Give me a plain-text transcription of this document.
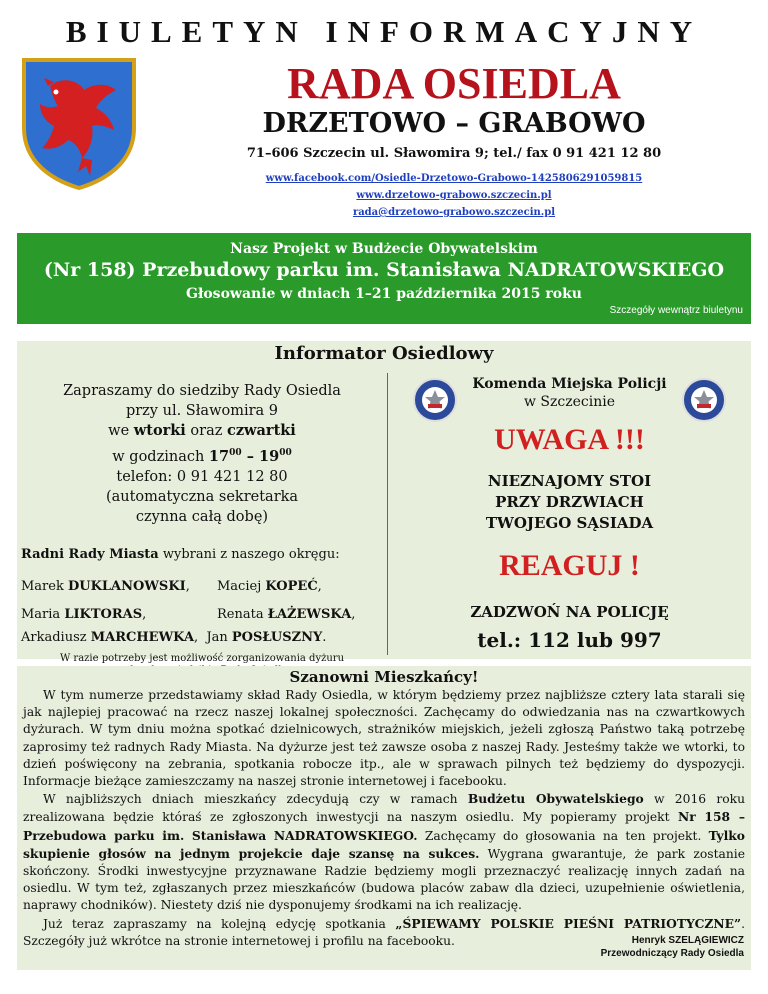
BIULETYN INFORMACYJNY
RADA OSIEDLA
DRZETOWO – GRABOWO
71–606 Szczecin ul. Sławomira 9; tel./ fax 0 91 421 12 80
www.facebook.com/Osiedle-Drzetowo-Grabowo-1425806291059815
www.drzetowo-grabowo.szczecin.pl
rada@drzetowo-grabowo.szczecin.pl
Nasz Projekt w Budżecie Obywatelskim
(Nr 158) Przebudowy parku im. Stanisława NADRATOWSKIEGO
Głosowanie w dniach 1–21 października 2015 roku
Szczegóły wewnątrz biuletynu
Informator Osiedlowy
Zapraszamy do siedziby Rady Osiedla
przy ul. Sławomira 9
we wtorki oraz czwartki
w godzinach $17^{00} - 19^{00}$
telefon: 0 91 421 12 80
(automatyczna sekretarka
czynna całą dobę)
Radni Rady Miasta wybrani z naszego okręgu:
Marek DUKLANOWSKI, Maciej KOPEĆ,
Maria LIKTORAS,	Renata ŁAŻEWSKA,
Arkadiusz MARCHEWKA, Jan POSŁUSZNY.
W razie potrzeby jest możliwość zorganizowania dyżuru
Komenda Miejska Policji
w Szczecinie
UWAGA !!!
NIEZNAJOMY STOI
PRZY DRZWIACH
TWOJEGO SĄSIADA
REAGUJ !
ZADZWOŃ NA POLICJĘ
tel.: 112 lub 997
Szanowni Mieszkańcy!

W tym numerze przedstawiamy skład Rady Osiedla, w którym będziemy przez najbliższe cztery lata starali się jak najlepiej pracować na rzecz naszej lokalnej społeczności. Zachęcamy do odwiedzania nas na czwartkowych dyżurach. W tym dniu można spotkać dzielnicowych, strażników miejskich, jeżeli zgłoszą Państwo taką potrzebę zaprosimy też radnych Rady Miasta. Na dyżurze jest też zawsze osoba z naszej Rady. Jesteśmy także we wtorki, to dzień poświęcony na zebrania, spotkania robocze itp., ale w sprawach pilnych też będziemy do dyspozycji. Informacje bieżące zamieszczamy na naszej stronie internetowej i facebooku.

W najbliższych dniach mieszkańcy zdecydują czy w ramach Budżetu Obywatelskiego w 2016 roku zrealizowana będzie któraś ze zgłoszonych inwestycji na naszym osiedlu. My popieramy projekt Nr 158 – Przebudowa parku im. Stanisława NADRATOWSKIEGO. Zachęcamy do głosowania na ten projekt. Tylko skupienie głosów na jednym projekcie daje szansę na sukces. Wygrana gwarantuje, że park zostanie skończony. Środki inwestycyjne przyznawane Radzie będziemy mogli przeznaczyć realizację innych zadań na osiedlu. W tym też, zgłaszanych przez mieszkańców (budowa placów zabaw dla dzieci, uzupełnienie oświetlenia, naprawy chodników). Niestety dziś nie dysponujemy środkami na ich realizację.

Już teraz zapraszamy na kolejną edycję spotkania „ŚPIEWAMY POLSKIE PIEŚNI PATRIOTYCZNE”. Szczegóły już wkrótce na stronie internetowej i profilu na facebooku.	Henryk SZELĄGIEWICZ
Przewodniczący Rady Osiedla
